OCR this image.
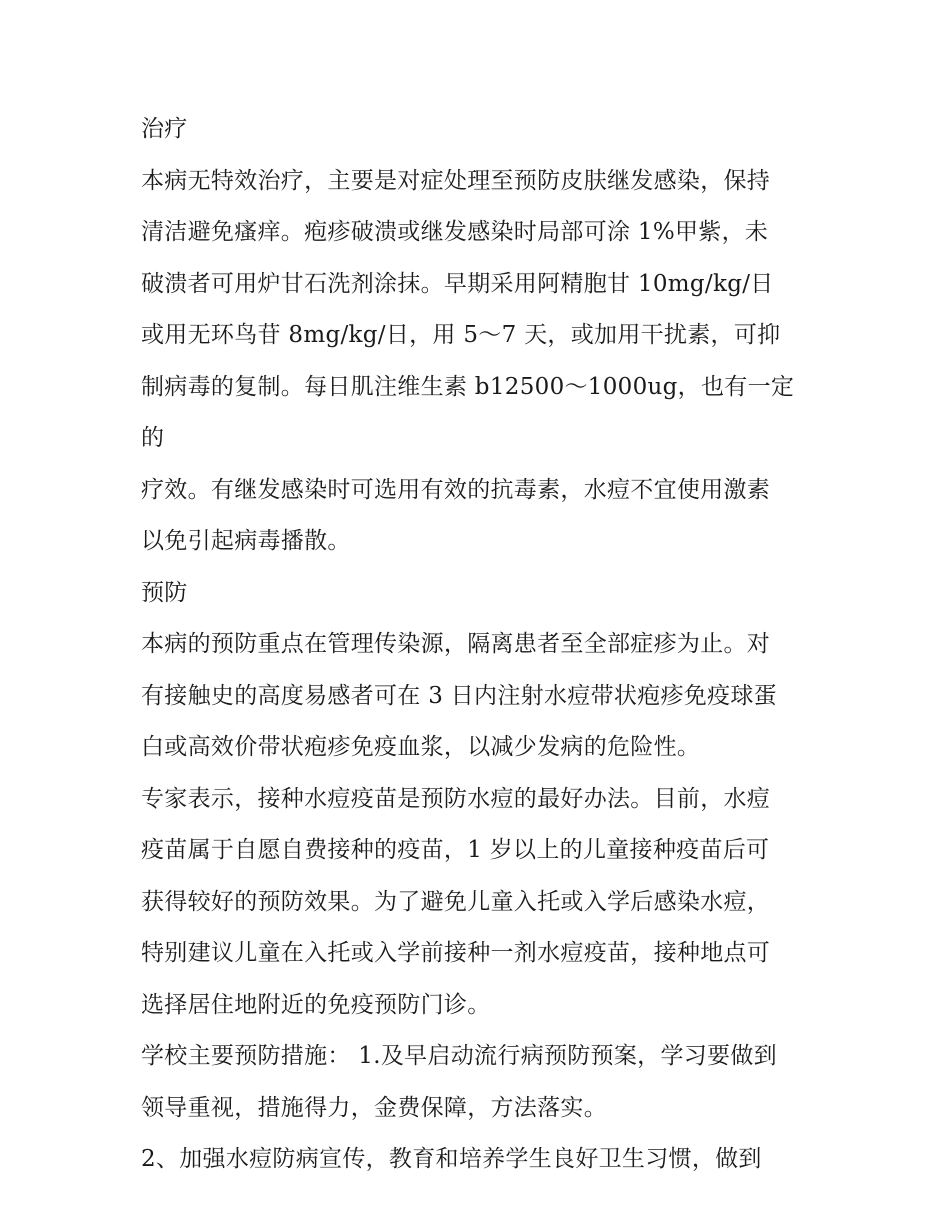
治疗
本病无特效治疗，主要是对症处理至预防皮肤继发感染，保持
清洁避免瘙痒。疱疹破溃或继发感染时局部可涂 1%甲紫，未
破溃者可用炉甘石洗剂涂抹。早期采用阿精胞甘 10mg/kg/日
或用无环鸟苷 8mg/kg/日，用 5～7 天，或加用干扰素，可抑
制病毒的复制。每日肌注维生素 b12500～1000ug，也有一定的
疗效。有继发感染时可选用有效的抗毒素，水痘不宜使用激素
以免引起病毒播散。
预防
本病的预防重点在管理传染源，隔离患者至全部症疹为止。对
有接触史的高度易感者可在 3 日内注射水痘带状疱疹免疫球蛋
白或高效价带状疱疹免疫血浆，以减少发病的危险性。
专家表示，接种水痘疫苗是预防水痘的最好办法。目前，水痘
疫苗属于自愿自费接种的疫苗，1 岁以上的儿童接种疫苗后可
获得较好的预防效果。为了避免儿童入托或入学后感染水痘，
特别建议儿童在入托或入学前接种一剂水痘疫苗，接种地点可
选择居住地附近的免疫预防门诊。
学校主要预防措施： 1.及早启动流行病预防预案，学习要做到
领导重视，措施得力，金费保障，方法落实。
2、加强水痘防病宣传，教育和培养学生良好卫生习惯，做到
